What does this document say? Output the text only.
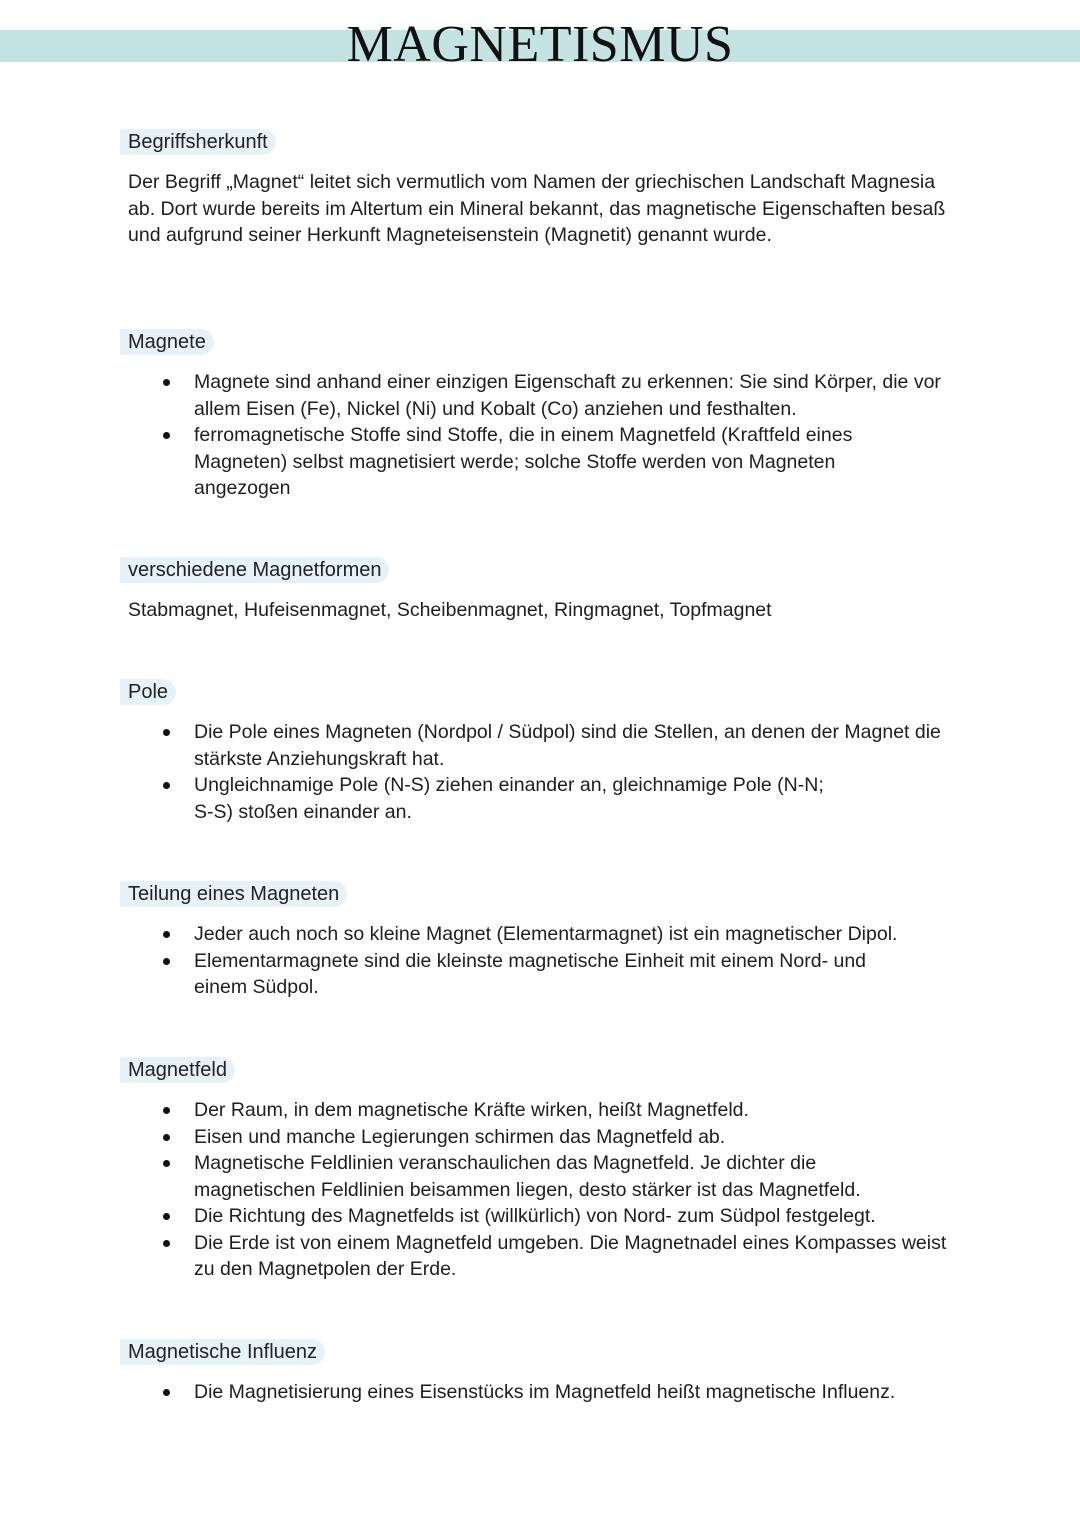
MAGNETISMUS
Begriffsherkunft

Der Begriff „Magnet“ leitet sich vermutlich vom Namen der griechischen Landschaft Magnesia ab. Dort wurde bereits im Altertum ein Mineral bekannt, das magnetische Eigenschaften besaß und aufgrund seiner Herkunft Magneteisenstein (Magnetit) genannt wurde.

Magnete
Magnete sind anhand einer einzigen Eigenschaft zu erkennen: Sie sind Körper, die vor allem Eisen (Fe), Nickel (Ni) und Kobalt (Co) anziehen und festhalten.
ferromagnetische Stoffe sind Stoffe, die in einem Magnetfeld (Kraftfeld eines Magneten) selbst magnetisiert werde; solche Stoffe werden von Magneten angezogen
verschiedene Magnetformen

Stabmagnet, Hufeisenmagnet, Scheibenmagnet, Ringmagnet, Topfmagnet

Pole
Die Pole eines Magneten (Nordpol / Südpol) sind die Stellen, an denen der Magnet die stärkste Anziehungskraft hat.
Ungleichnamige Pole (N-S) ziehen einander an, gleichnamige Pole (N-N; S-S) stoßen einander an.
Teilung eines Magneten
Jeder auch noch so kleine Magnet (Elementarmagnet) ist ein magnetischer Dipol.
Elementarmagnete sind die kleinste magnetische Einheit mit einem Nord- und einem Südpol.
Magnetfeld
Der Raum, in dem magnetische Kräfte wirken, heißt Magnetfeld.
Eisen und manche Legierungen schirmen das Magnetfeld ab.
Magnetische Feldlinien veranschaulichen das Magnetfeld. Je dichter die magnetischen Feldlinien beisammen liegen, desto stärker ist das Magnetfeld.
Die Richtung des Magnetfelds ist (willkürlich) von Nord- zum Südpol festgelegt.
Die Erde ist von einem Magnetfeld umgeben. Die Magnetnadel eines Kompasses weist zu den Magnetpolen der Erde.
Magnetische Influenz
Die Magnetisierung eines Eisenstücks im Magnetfeld heißt magnetische Influenz.
